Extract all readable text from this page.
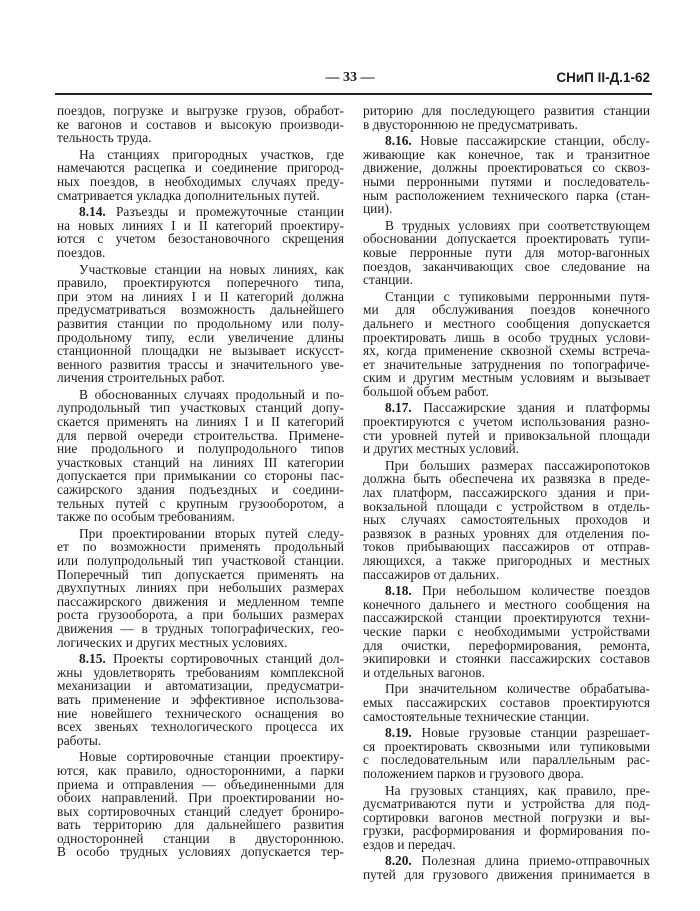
— 33 —	СНиП II-Д.1-62
поездов, погрузке и выгрузке грузов, обработ-
ке вагонов и составов и высокую производи-
тельность труда.
На станциях пригородных участков, где
намечаются расцепка и соединение пригород-
ных поездов, в необходимых случаях преду-
сматривается укладка дополнительных путей.
8.14. Разъезды и промежуточные станции
на новых линиях I и II категорий проектиру-
ются с учетом безостановочного скрещения
поездов.
Участковые станции на новых линиях, как
правило, проектируются поперечного типа,
при этом на линиях I и II категорий должна
предусматриваться возможность дальнейшего
развития станции по продольному или полу-
продольному типу, если увеличение длины
станционной площадки не вызывает искусст-
венного развития трассы и значительного уве-
личения строительных работ.
В обоснованных случаях продольный и по-
лупродольный тип участковых станций допу-
скается применять на линиях I и II категорий
для первой очереди строительства. Примене-
ние продольного и полупродольного типов
участковых станций на линиях III категории
допускается при примыкании со стороны пас-
сажирского здания подъездных и соедини-
тельных путей с крупным грузооборотом, а
также по особым требованиям.
При проектировании вторых путей следу-
ет по возможности применять продольный
или полупродольный тип участковой станции.
Поперечный тип допускается применять на
двухпутных линиях при небольших размерах
пассажирского движения и медленном темпе
роста грузооборота, а при больших размерах
движения — в трудных топографических, гео-
логических и других местных условиях.
8.15. Проекты сортировочных станций дол-
жны удовлетворять требованиям комплексной
механизации и автоматизации, предусматри-
вать применение и эффективное использова-
ние новейшего технического оснащения во
всех звеньях технологического процесса их
работы.
Новые сортировочные станции проектиру-
ются, как правило, односторонними, а парки
приема и отправления — объединенными для
обоих направлений. При проектировании но-
вых сортировочных станций следует брониро-
вать территорию для дальнейшего развития
односторонней станции в двустороннюю.
В особо трудных условиях допускается тер-
риторию для последующего развития станции
в двустороннюю не предусматривать.
8.16. Новые пассажирские станции, обслу-
живающие как конечное, так и транзитное
движение, должны проектироваться со сквоз-
ными перронными путями и последователь-
ным расположением технического парка (стан-
ции).
В трудных условиях при соответствующем
обосновании допускается проектировать тупи-
ковые перронные пути для мотор-вагонных
поездов, заканчивающих свое следование на
станции.
Станции с тупиковыми перронными путя-
ми для обслуживания поездов конечного
дальнего и местного сообщения допускается
проектировать лишь в особо трудных услови-
ях, когда применение сквозной схемы встреча-
ет значительные затруднения по топографиче-
ским и другим местным условиям и вызывает
большой объем работ.
8.17. Пассажирские здания и платформы
проектируются с учетом использования разно-
сти уровней путей и привокзальной площади
и других местных условий.
При больших размерах пассажиропотоков
должна быть обеспечена их развязка в преде-
лах платформ, пассажирского здания и при-
вокзальной площади с устройством в отдель-
ных случаях самостоятельных проходов и
развязок в разных уровнях для отделения по-
токов прибывающих пассажиров от отправ-
ляющихся, а также пригородных и местных
пассажиров от дальних.
8.18. При небольшом количестве поездов
конечного дальнего и местного сообщения на
пассажирской станции проектируются техни-
ческие парки с необходимыми устройствами
для очистки, переформирования, ремонта,
экипировки и стоянки пассажирских составов
и отдельных вагонов.
При значительном количестве обрабатыва-
емых пассажирских составов проектируются
самостоятельные технические станции.
8.19. Новые грузовые станции разрешает-
ся проектировать сквозными или тупиковыми
с последовательным или параллельным рас-
положением парков и грузового двора.
На грузовых станциях, как правило, пре-
дусматриваются пути и устройства для под-
сортировки вагонов местной погрузки и вы-
грузки, расформирования и формирования по-
ездов и передач.
8.20. Полезная длина приемо-отправочных
путей для грузового движения принимается в
